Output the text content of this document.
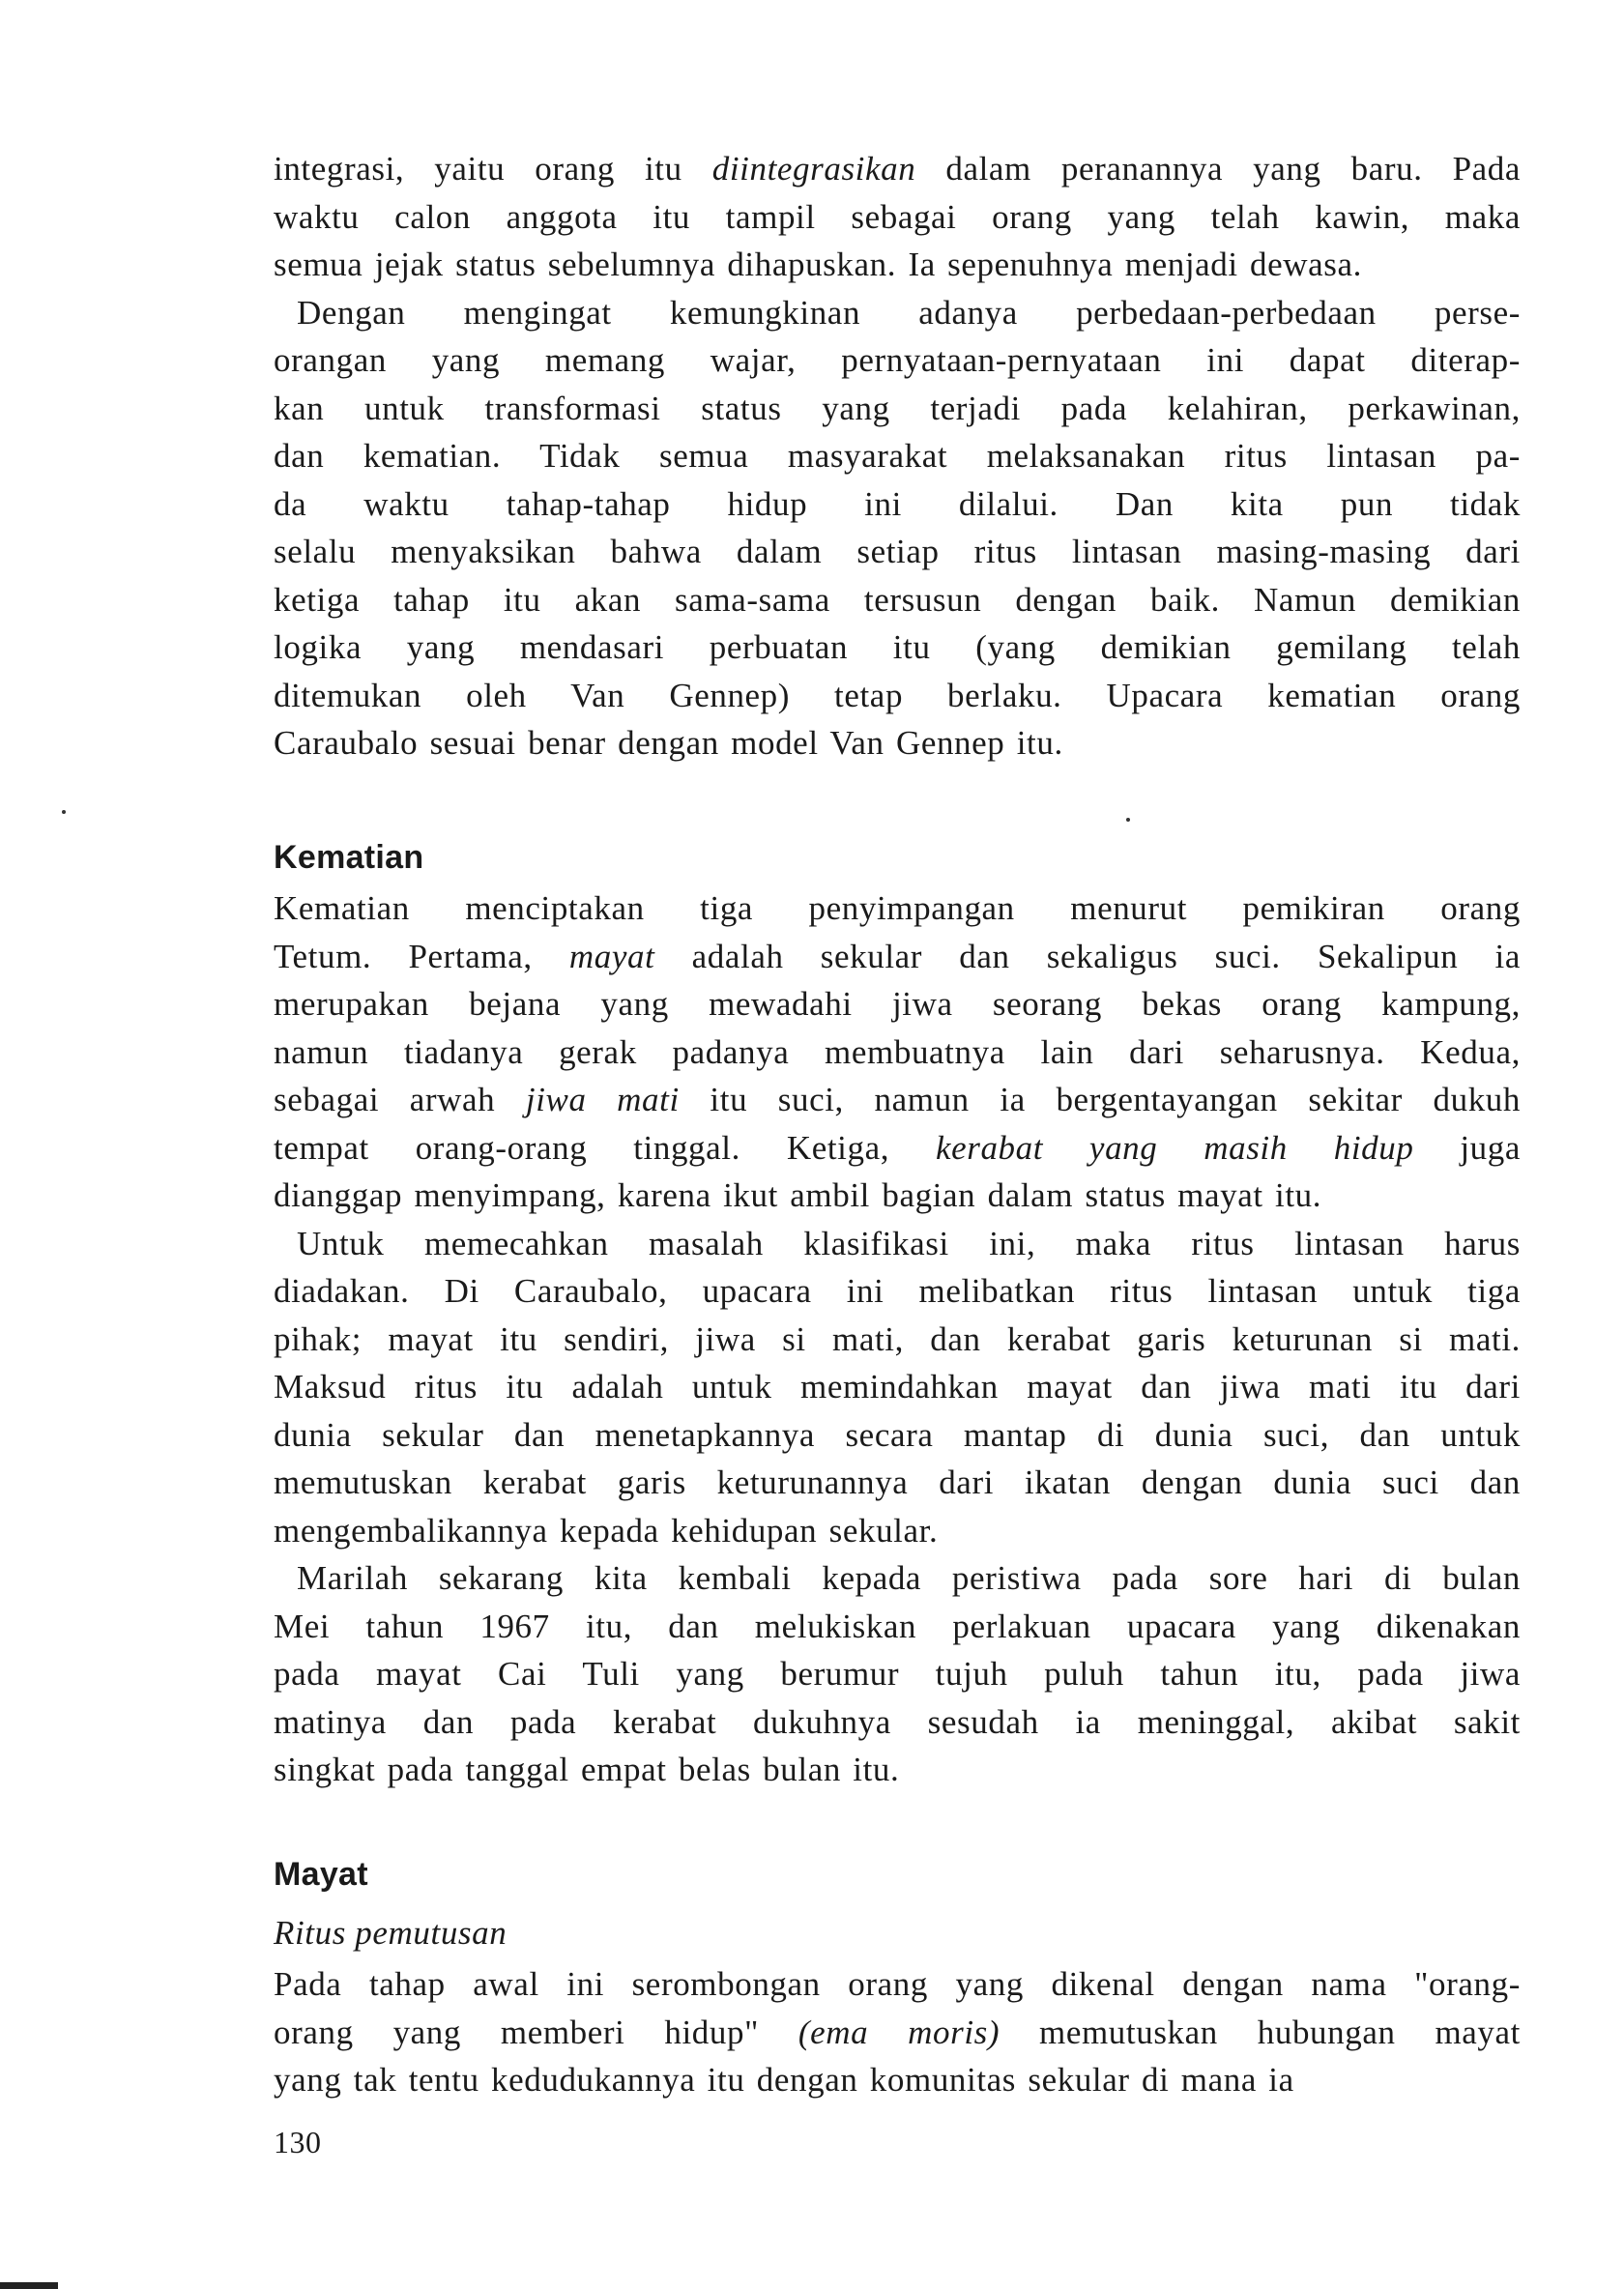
integrasi, yaitu orang itu diintegrasikan dalam peranannya yang baru. Pada
waktu calon anggota itu tampil sebagai orang yang telah kawin, maka
semua jejak status sebelumnya dihapuskan. Ia sepenuhnya menjadi dewasa.

Dengan mengingat kemungkinan adanya perbedaan-perbedaan perse-
orangan yang memang wajar, pernyataan-pernyataan ini dapat diterap-
kan untuk transformasi status yang terjadi pada kelahiran, perkawinan,
dan kematian. Tidak semua masyarakat melaksanakan ritus lintasan pa-
da waktu tahap-tahap hidup ini dilalui. Dan kita pun tidak
selalu menyaksikan bahwa dalam setiap ritus lintasan masing-masing dari
ketiga tahap itu akan sama-sama tersusun dengan baik. Namun demikian
logika yang mendasari perbuatan itu (yang demikian gemilang telah
ditemukan oleh Van Gennep) tetap berlaku. Upacara kematian orang
Caraubalo sesuai benar dengan model Van Gennep itu.

Kematian

Kematian menciptakan tiga penyimpangan menurut pemikiran orang
Tetum. Pertama, mayat adalah sekular dan sekaligus suci. Sekalipun ia
merupakan bejana yang mewadahi jiwa seorang bekas orang kampung,
namun tiadanya gerak padanya membuatnya lain dari seharusnya. Kedua,
sebagai arwah jiwa mati itu suci, namun ia bergentayangan sekitar dukuh
tempat orang-orang tinggal. Ketiga, kerabat yang masih hidup juga
dianggap menyimpang, karena ikut ambil bagian dalam status mayat itu.

Untuk memecahkan masalah klasifikasi ini, maka ritus lintasan harus
diadakan. Di Caraubalo, upacara ini melibatkan ritus lintasan untuk tiga
pihak; mayat itu sendiri, jiwa si mati, dan kerabat garis keturunan si mati.
Maksud ritus itu adalah untuk memindahkan mayat dan jiwa mati itu dari
dunia sekular dan menetapkannya secara mantap di dunia suci, dan untuk
memutuskan kerabat garis keturunannya dari ikatan dengan dunia suci dan
mengembalikannya kepada kehidupan sekular.

Marilah sekarang kita kembali kepada peristiwa pada sore hari di bulan
Mei tahun 1967 itu, dan melukiskan perlakuan upacara yang dikenakan
pada mayat Cai Tuli yang berumur tujuh puluh tahun itu, pada jiwa
matinya dan pada kerabat dukuhnya sesudah ia meninggal, akibat sakit
singkat pada tanggal empat belas bulan itu.

Mayat
Ritus pemutusan

Pada tahap awal ini serombongan orang yang dikenal dengan nama "orang-
orang yang memberi hidup" (ema moris) memutuskan hubungan mayat
yang tak tentu kedudukannya itu dengan komunitas sekular di mana ia

130
